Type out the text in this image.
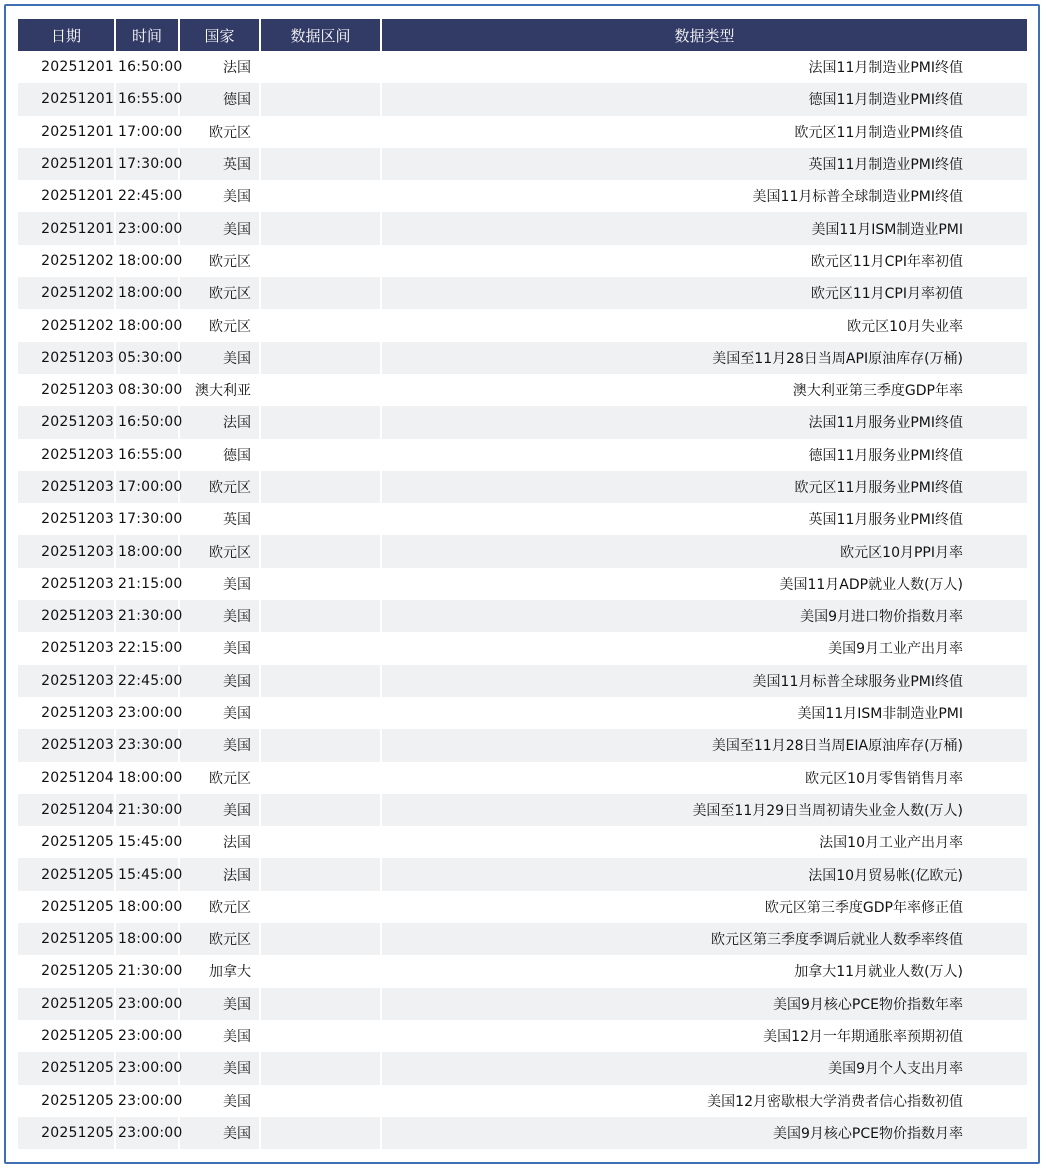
日期	时间	国家	数据区间	数据类型
20251201	16:50:00	法国		法国11月制造业PMI终值
20251201	16:55:00	德国		德国11月制造业PMI终值
20251201	17:00:00	欧元区		欧元区11月制造业PMI终值
20251201	17:30:00	英国		英国11月制造业PMI终值
20251201	22:45:00	美国		美国11月标普全球制造业PMI终值
20251201	23:00:00	美国		美国11月ISM制造业PMI
20251202	18:00:00	欧元区		欧元区11月CPI年率初值
20251202	18:00:00	欧元区		欧元区11月CPI月率初值
20251202	18:00:00	欧元区		欧元区10月失业率
20251203	05:30:00	美国		美国至11月28日当周API原油库存(万桶)
20251203	08:30:00	澳大利亚		澳大利亚第三季度GDP年率
20251203	16:50:00	法国		法国11月服务业PMI终值
20251203	16:55:00	德国		德国11月服务业PMI终值
20251203	17:00:00	欧元区		欧元区11月服务业PMI终值
20251203	17:30:00	英国		英国11月服务业PMI终值
20251203	18:00:00	欧元区		欧元区10月PPI月率
20251203	21:15:00	美国		美国11月ADP就业人数(万人)
20251203	21:30:00	美国		美国9月进口物价指数月率
20251203	22:15:00	美国		美国9月工业产出月率
20251203	22:45:00	美国		美国11月标普全球服务业PMI终值
20251203	23:00:00	美国		美国11月ISM非制造业PMI
20251203	23:30:00	美国		美国至11月28日当周EIA原油库存(万桶)
20251204	18:00:00	欧元区		欧元区10月零售销售月率
20251204	21:30:00	美国		美国至11月29日当周初请失业金人数(万人)
20251205	15:45:00	法国		法国10月工业产出月率
20251205	15:45:00	法国		法国10月贸易帐(亿欧元)
20251205	18:00:00	欧元区		欧元区第三季度GDP年率修正值
20251205	18:00:00	欧元区		欧元区第三季度季调后就业人数季率终值
20251205	21:30:00	加拿大		加拿大11月就业人数(万人)
20251205	23:00:00	美国		美国9月核心PCE物价指数年率
20251205	23:00:00	美国		美国12月一年期通胀率预期初值
20251205	23:00:00	美国		美国9月个人支出月率
20251205	23:00:00	美国		美国12月密歇根大学消费者信心指数初值
20251205	23:00:00	美国		美国9月核心PCE物价指数月率
